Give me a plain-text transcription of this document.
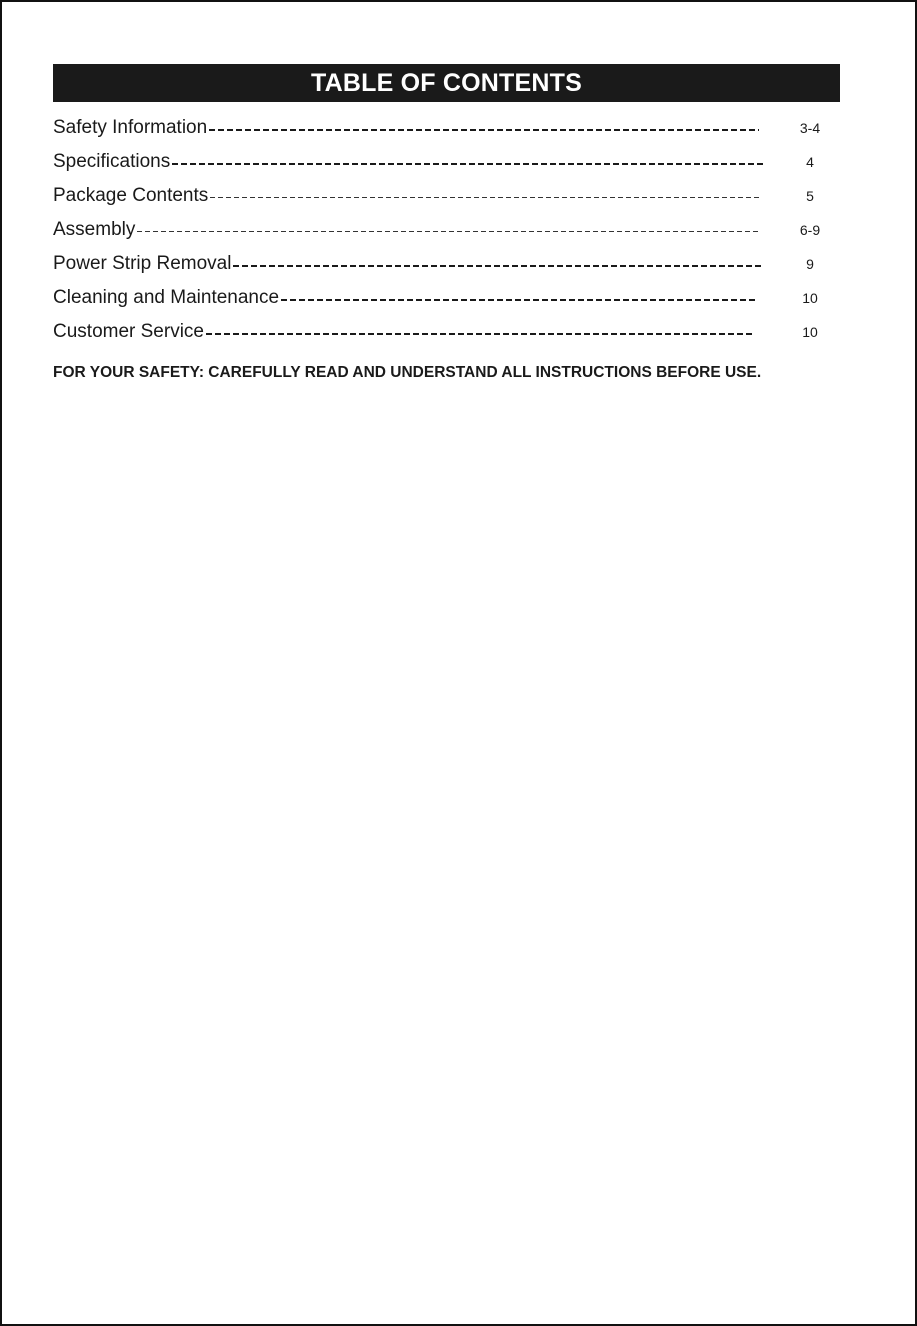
TABLE OF CONTENTS
Safety Information	3-4
Specifications	4
Package Contents	5
Assembly	6-9
Power Strip Removal	9
Cleaning and Maintenance	10
Customer Service	10
FOR YOUR SAFETY: CAREFULLY READ AND UNDERSTAND ALL INSTRUCTIONS BEFORE USE.
